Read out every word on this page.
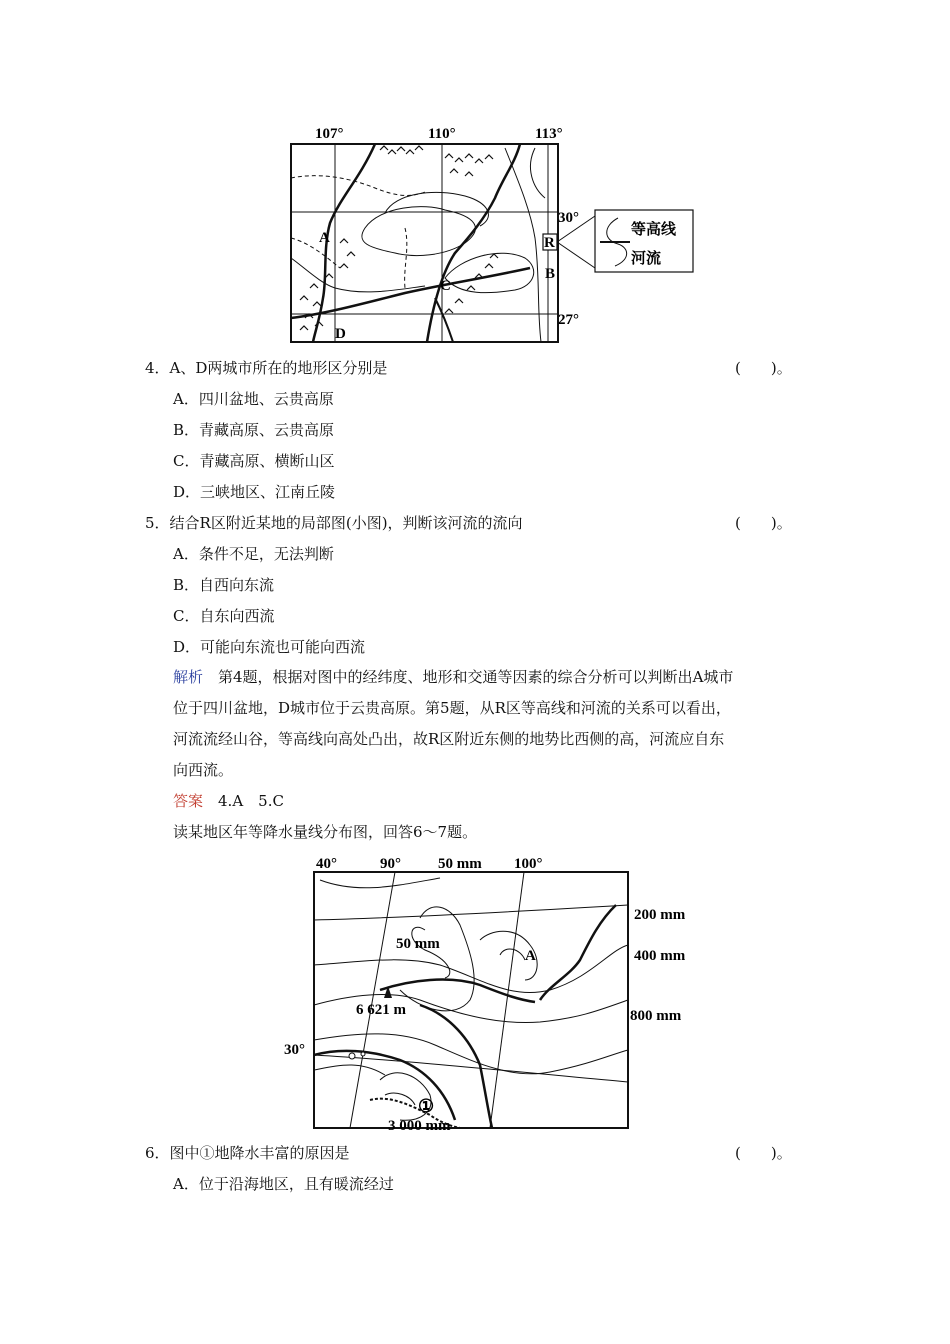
107°	110°	113°
30°
27°
A
B
C
D
R
等高线
河流
4．A、D两城市所在的地形区分别是	(　　)。
A．四川盆地、云贵高原
B．青藏高原、云贵高原
C．青藏高原、横断山区
D．三峡地区、江南丘陵
5．结合R区附近某地的局部图(小图)，判断该河流的流向	(　　)。
A．条件不足，无法判断
B．自西向东流
C．自东向西流
D．可能向东流也可能向西流
解析　第4题，根据对图中的经纬度、地形和交通等因素的综合分析可以判断出A城市
位于四川盆地，D城市位于云贵高原。第5题，从R区等高线和河流的关系可以看出，
河流流经山谷，等高线向高处凸出，故R区附近东侧的地势比西侧的高，河流应自东
向西流。
答案　4.A　5.C
读某地区年等降水量线分布图，回答6～7题。
40°	90° 50 mm 100°
200 mm
400 mm
800 mm
50 mm
A
6 621 m
30°
①
3 000 mm
6．图中①地降水丰富的原因是	(　　)。
A．位于沿海地区，且有暖流经过
